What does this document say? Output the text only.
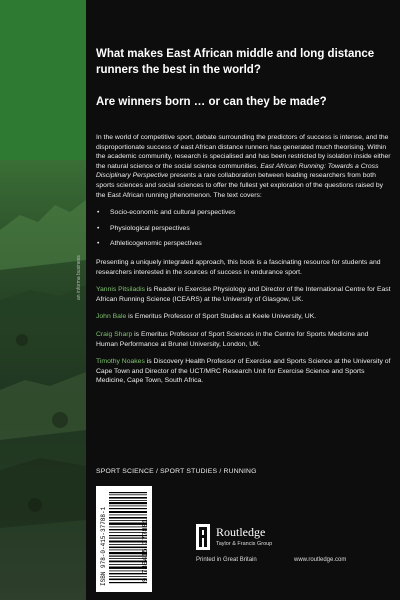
an informa business
What makes East African middle and long distance runners the best in the world?
Are winners born … or can they be made?

In the world of competitive sport, debate surrounding the predictors of success is intense, and the disproportionate success of east African distance runners has generated much theorising. Within the academic community, research is specialised and has been restricted by isolation inside either the natural science or the social science communities. East African Running: Towards a Cross Disciplinary Perspective presents a rare collaboration between leading researchers from both sports sciences and social sciences to offer the fullest yet exploration of the questions raised by the East African running phenomenon. The text covers:

• Socio-economic and cultural perspectives
• Physiological perspectives
• Athleticogenomic perspectives

Presenting a uniquely integrated approach, this book is a fascinating resource for students and researchers interested in the sources of success in endurance sport.

Yannis Pitsiladis is Reader in Exercise Physiology and Director of the International Centre for East African Running Science (ICEARS) at the University of Glasgow, UK.

John Bale is Emeritus Professor of Sport Studies at Keele University, UK.

Craig Sharp is Emeritus Professor of Sport Sciences in the Centre for Sports Medicine and Human Performance at Brunel University, London, UK.

Timothy Noakes is Discovery Health Professor of Exercise and Sports Science at the University of Cape Town and Director of the UCT/MRC Research Unit for Exercise Science and Sports Medicine, Cape Town, South Africa.

SPORT SCIENCE / SPORT STUDIES / RUNNING
ISBN 978-0-415-37788-1	9 780415 377881	Routledge
Taylor & Francis Group
Printed in Great Britain	www.routledge.com
